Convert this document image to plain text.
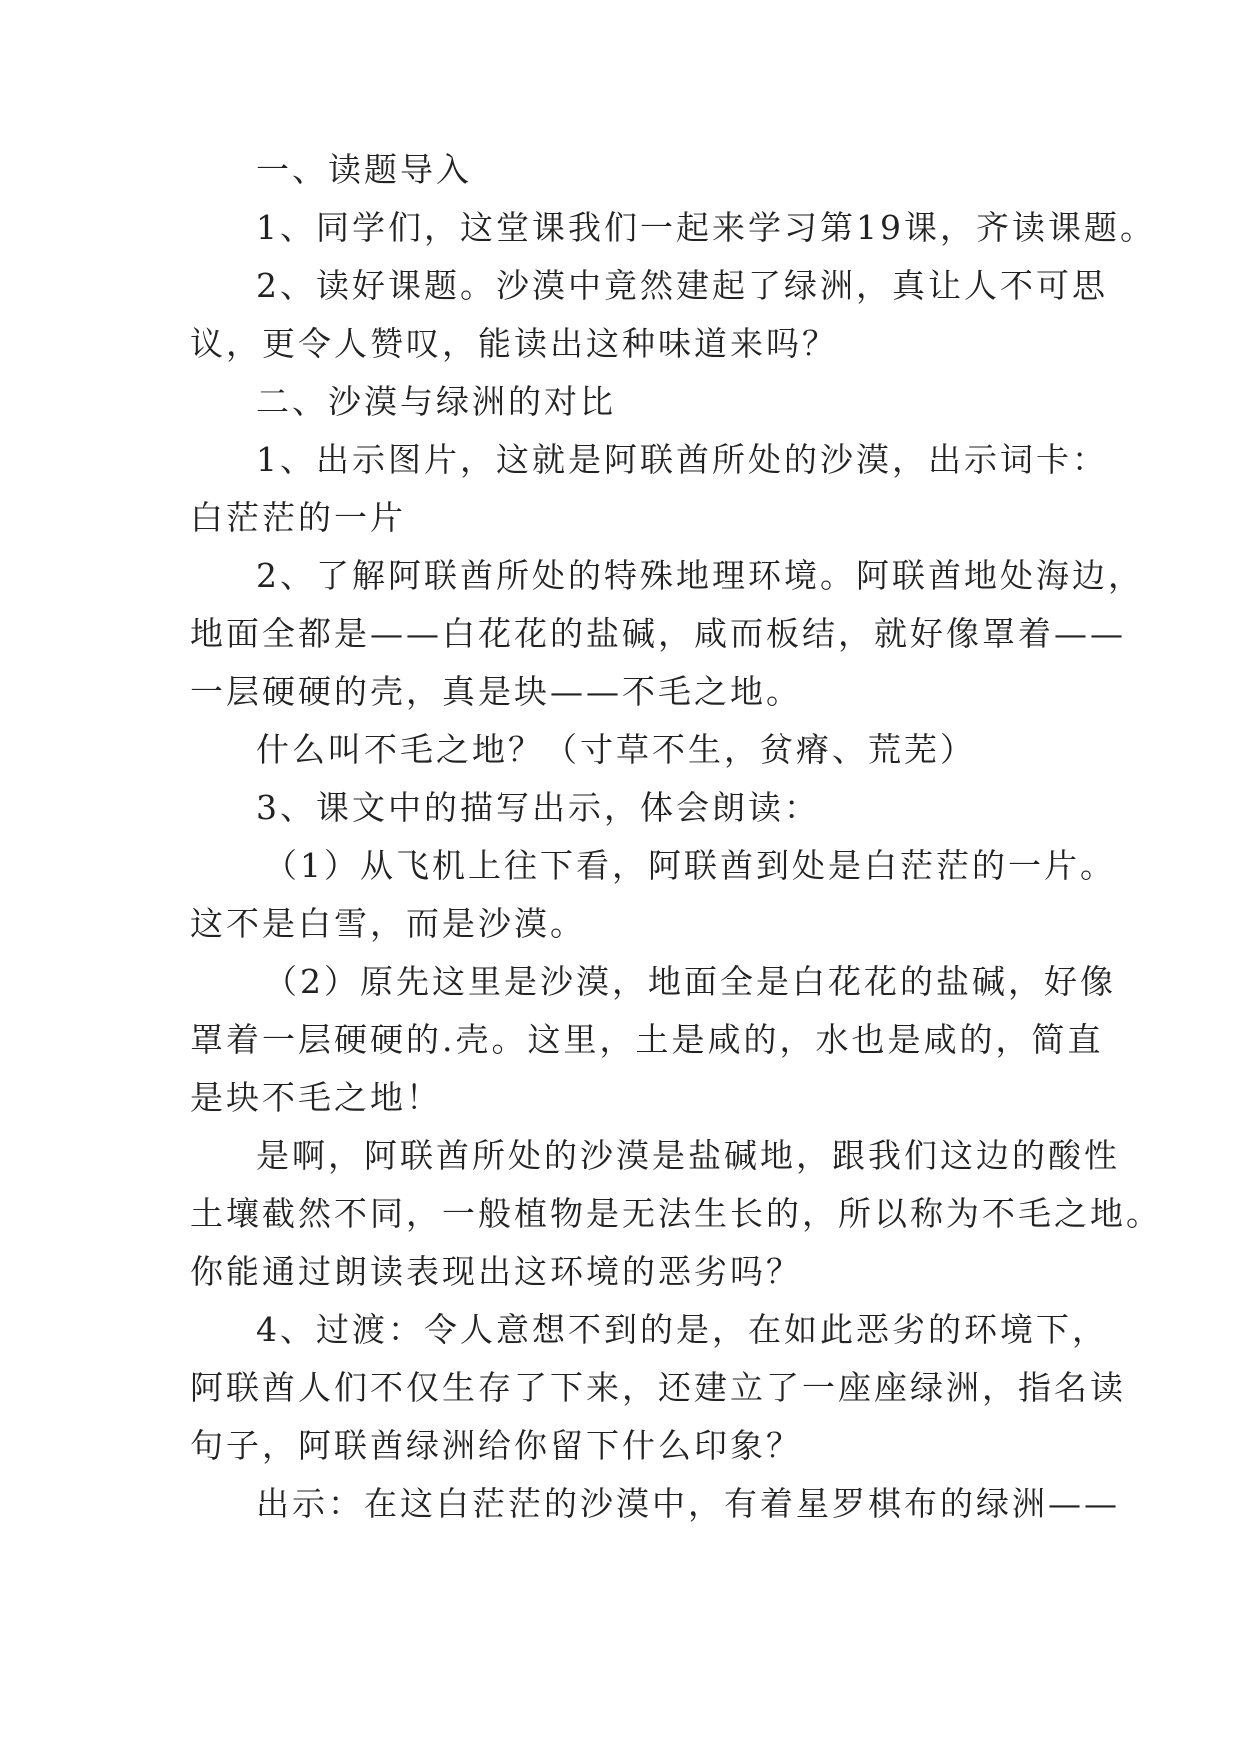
一、读题导入
1、同学们，这堂课我们一起来学习第19课，齐读课题。
2、读好课题。沙漠中竟然建起了绿洲，真让人不可思
议，更令人赞叹，能读出这种味道来吗？
二、沙漠与绿洲的对比
1、出示图片，这就是阿联酋所处的沙漠，出示词卡：
白茫茫的一片
2、了解阿联酋所处的特殊地理环境。阿联酋地处海边，
地面全都是——白花花的盐碱，咸而板结，就好像罩着——
一层硬硬的壳，真是块——不毛之地。
什么叫不毛之地？（寸草不生，贫瘠、荒芜）
3、课文中的描写出示，体会朗读：
（1）从飞机上往下看，阿联酋到处是白茫茫的一片。
这不是白雪，而是沙漠。
（2）原先这里是沙漠，地面全是白花花的盐碱，好像
罩着一层硬硬的.壳。这里，土是咸的，水也是咸的，简直
是块不毛之地！
是啊，阿联酋所处的沙漠是盐碱地，跟我们这边的酸性
土壤截然不同，一般植物是无法生长的，所以称为不毛之地。
你能通过朗读表现出这环境的恶劣吗？
4、过渡：令人意想不到的是，在如此恶劣的环境下，
阿联酋人们不仅生存了下来，还建立了一座座绿洲，指名读
句子，阿联酋绿洲给你留下什么印象？
出示：在这白茫茫的沙漠中，有着星罗棋布的绿洲——
